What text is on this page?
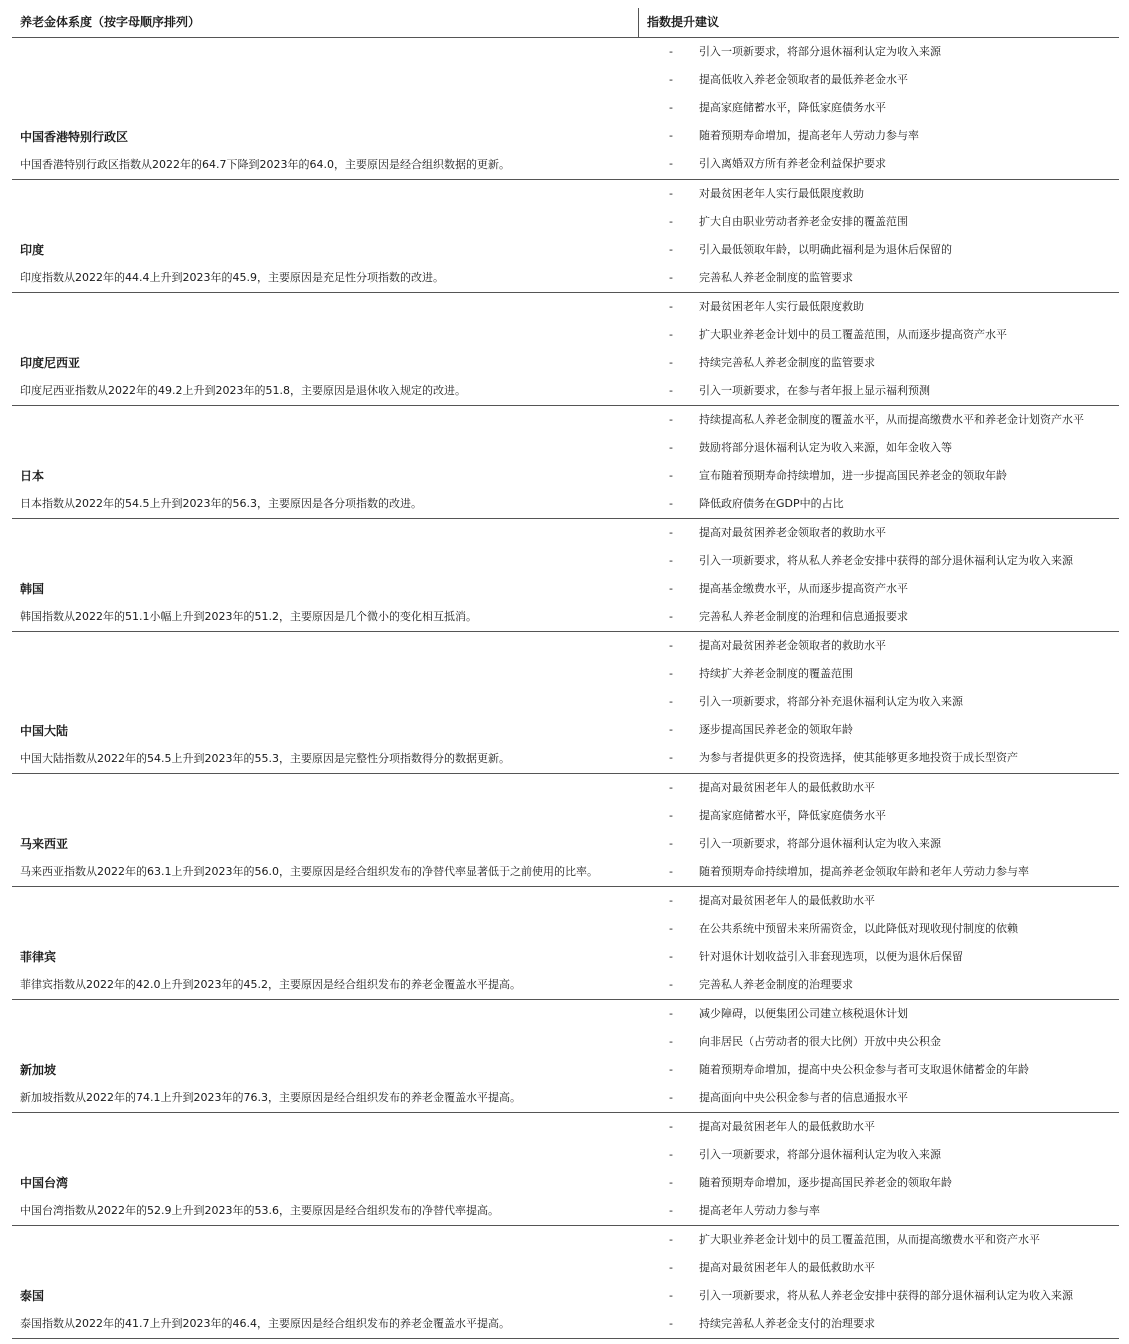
养老金体系度（按字母顺序排列）	指数提升建议
中国香港特别行政区
中国香港特别行政区指数从2022年的64.7下降到2023年的64.0，主要原因是经合组织数据的更新。
-	引入一项新要求，将部分退休福利认定为收入来源
-	提高低收入养老金领取者的最低养老金水平
-	提高家庭储蓄水平，降低家庭债务水平
-	随着预期寿命增加，提高老年人劳动力参与率
-	引入离婚双方所有养老金利益保护要求
印度
印度指数从2022年的44.4上升到2023年的45.9，主要原因是充足性分项指数的改进。
-	对最贫困老年人实行最低限度救助
-	扩大自由职业劳动者养老金安排的覆盖范围
-	引入最低领取年龄，以明确此福利是为退休后保留的
-	完善私人养老金制度的监管要求
印度尼西亚
印度尼西亚指数从2022年的49.2上升到2023年的51.8，主要原因是退休收入规定的改进。
-	对最贫困老年人实行最低限度救助
-	扩大职业养老金计划中的员工覆盖范围，从而逐步提高资产水平
-	持续完善私人养老金制度的监管要求
-	引入一项新要求，在参与者年报上显示福利预测
日本
日本指数从2022年的54.5上升到2023年的56.3，主要原因是各分项指数的改进。
-	持续提高私人养老金制度的覆盖水平，从而提高缴费水平和养老金计划资产水平
-	鼓励将部分退休福利认定为收入来源，如年金收入等
-	宣布随着预期寿命持续增加，进一步提高国民养老金的领取年龄
-	降低政府债务在GDP中的占比
韩国
韩国指数从2022年的51.1小幅上升到2023年的51.2，主要原因是几个微小的变化相互抵消。
-	提高对最贫困养老金领取者的救助水平
-	引入一项新要求，将从私人养老金安排中获得的部分退休福利认定为收入来源
-	提高基金缴费水平，从而逐步提高资产水平
-	完善私人养老金制度的治理和信息通报要求
中国大陆
中国大陆指数从2022年的54.5上升到2023年的55.3，主要原因是完整性分项指数得分的数据更新。
-	提高对最贫困养老金领取者的救助水平
-	持续扩大养老金制度的覆盖范围
-	引入一项新要求，将部分补充退休福利认定为收入来源
-	逐步提高国民养老金的领取年龄
-	为参与者提供更多的投资选择，使其能够更多地投资于成长型资产
马来西亚
马来西亚指数从2022年的63.1上升到2023年的56.0，主要原因是经合组织发布的净替代率显著低于之前使用的比率。
-	提高对最贫困老年人的最低救助水平
-	提高家庭储蓄水平，降低家庭债务水平
-	引入一项新要求，将部分退休福利认定为收入来源
-	随着预期寿命持续增加，提高养老金领取年龄和老年人劳动力参与率
菲律宾
菲律宾指数从2022年的42.0上升到2023年的45.2，主要原因是经合组织发布的养老金覆盖水平提高。
-	提高对最贫困老年人的最低救助水平
-	在公共系统中预留未来所需资金，以此降低对现收现付制度的依赖
-	针对退休计划收益引入非套现选项，以便为退休后保留
-	完善私人养老金制度的治理要求
新加坡
新加坡指数从2022年的74.1上升到2023年的76.3，主要原因是经合组织发布的养老金覆盖水平提高。
-	减少障碍，以便集团公司建立核税退休计划
-	向非居民（占劳动者的很大比例）开放中央公积金
-	随着预期寿命增加，提高中央公积金参与者可支取退休储蓄金的年龄
-	提高面向中央公积金参与者的信息通报水平
中国台湾
中国台湾指数从2022年的52.9上升到2023年的53.6，主要原因是经合组织发布的净替代率提高。
-	提高对最贫困老年人的最低救助水平
-	引入一项新要求，将部分退休福利认定为收入来源
-	随着预期寿命增加，逐步提高国民养老金的领取年龄
-	提高老年人劳动力参与率
泰国
泰国指数从2022年的41.7上升到2023年的46.4，主要原因是经合组织发布的养老金覆盖水平提高。
-	扩大职业养老金计划中的员工覆盖范围，从而提高缴费水平和资产水平
-	提高对最贫困老年人的最低救助水平
-	引入一项新要求，将从私人养老金安排中获得的部分退休福利认定为收入来源
-	持续完善私人养老金支付的治理要求
